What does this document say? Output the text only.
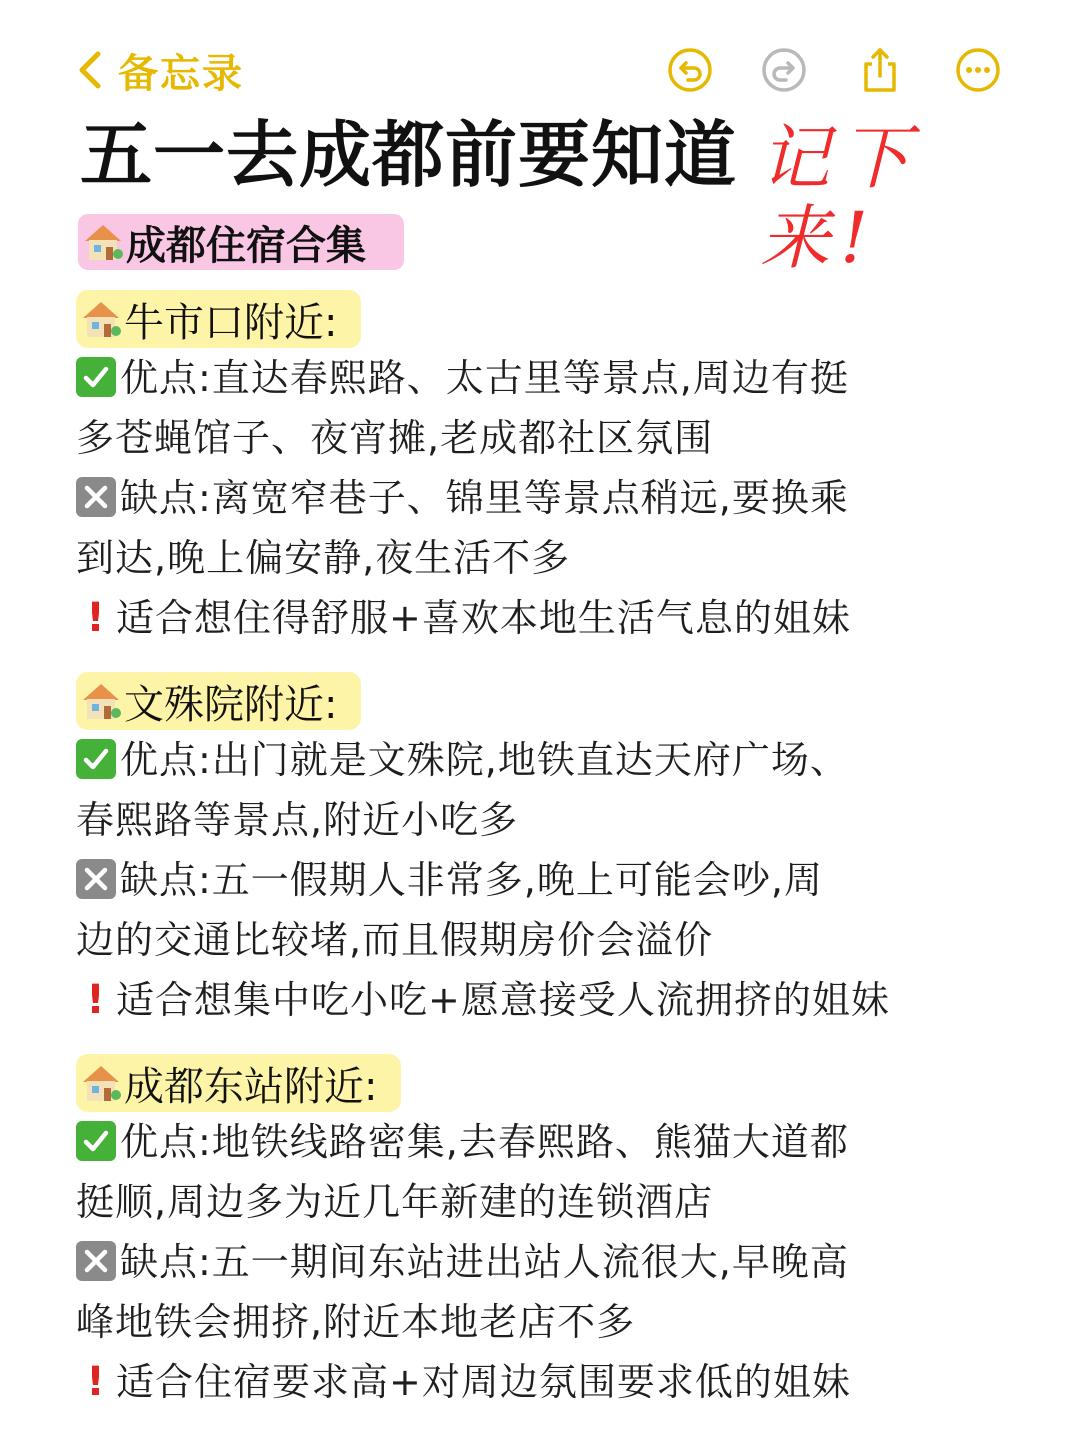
备忘录
五一去成都前要知道 记下来!
成都住宿合集
牛市口附近:
优点:直达春熙路、太古里等景点,周边有挺
多苍蝇馆子、夜宵摊,老成都社区氛围
缺点:离宽窄巷子、锦里等景点稍远,要换乘
到达,晚上偏安静,夜生活不多
! 适合想住得舒服+喜欢本地生活气息的姐妹
文殊院附近:
优点:出门就是文殊院,地铁直达天府广场、
春熙路等景点,附近小吃多
缺点:五一假期人非常多,晚上可能会吵,周
边的交通比较堵,而且假期房价会溢价
! 适合想集中吃小吃+愿意接受人流拥挤的姐妹
成都东站附近:
优点:地铁线路密集,去春熙路、熊猫大道都
挺顺,周边多为近几年新建的连锁酒店
缺点:五一期间东站进出站人流很大,早晚高
峰地铁会拥挤,附近本地老店不多
! 适合住宿要求高+对周边氛围要求低的姐妹
